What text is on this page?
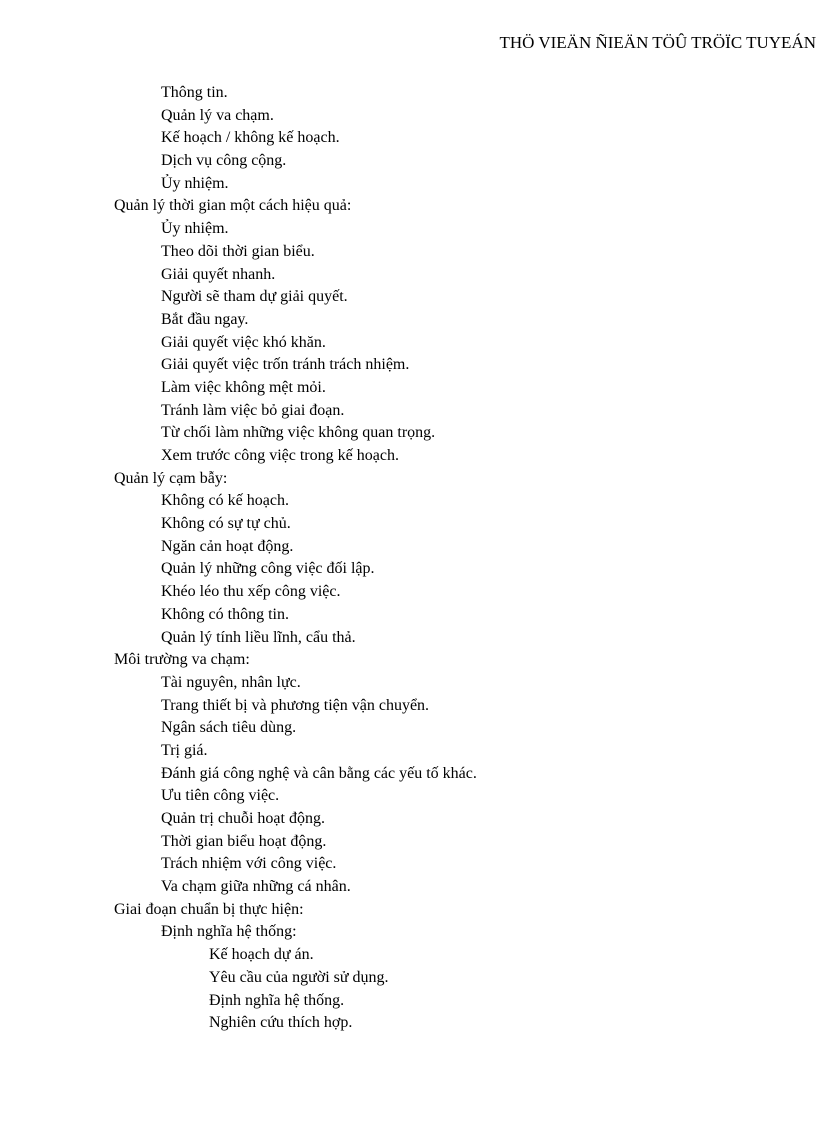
THÖ VIEÄN ÑIEÄN TÖÛ TRÖÏC TUYEÁN
Thông tin.
Quản lý va chạm.
Kế hoạch / không kế hoạch.
Dịch vụ công cộng.
Ủy nhiệm.
Quản lý thời gian một cách hiệu quả:
Ủy nhiệm.
Theo dõi thời gian biểu.
Giải quyết nhanh.
Người sẽ tham dự giải quyết.
Bắt đầu ngay.
Giải quyết việc khó khăn.
Giải quyết việc trốn tránh trách nhiệm.
Làm việc không mệt mỏi.
Tránh làm việc bỏ giai đoạn.
Từ chối làm những việc không quan trọng.
Xem trước công việc trong kế hoạch.
Quản lý cạm bẫy:
Không có kế hoạch.
Không có sự tự chủ.
Ngăn cản hoạt động.
Quản lý những công việc đối lập.
Khéo léo thu xếp công việc.
Không có thông tin.
Quản lý tính liều lĩnh, cẩu thả.
Môi trường va chạm:
Tài nguyên, nhân lực.
Trang thiết bị và phương tiện vận chuyển.
Ngân sách tiêu dùng.
Trị giá.
Đánh giá công nghệ và cân bằng các yếu tố khác.
Ưu tiên công việc.
Quản trị chuỗi hoạt động.
Thời gian biểu hoạt động.
Trách nhiệm với công việc.
Va chạm giữa những cá nhân.
Giai đoạn chuẩn bị thực hiện:
Định nghĩa hệ thống:
Kế hoạch dự án.
Yêu cầu của người sử dụng.
Định nghĩa hệ thống.
Nghiên cứu thích hợp.
